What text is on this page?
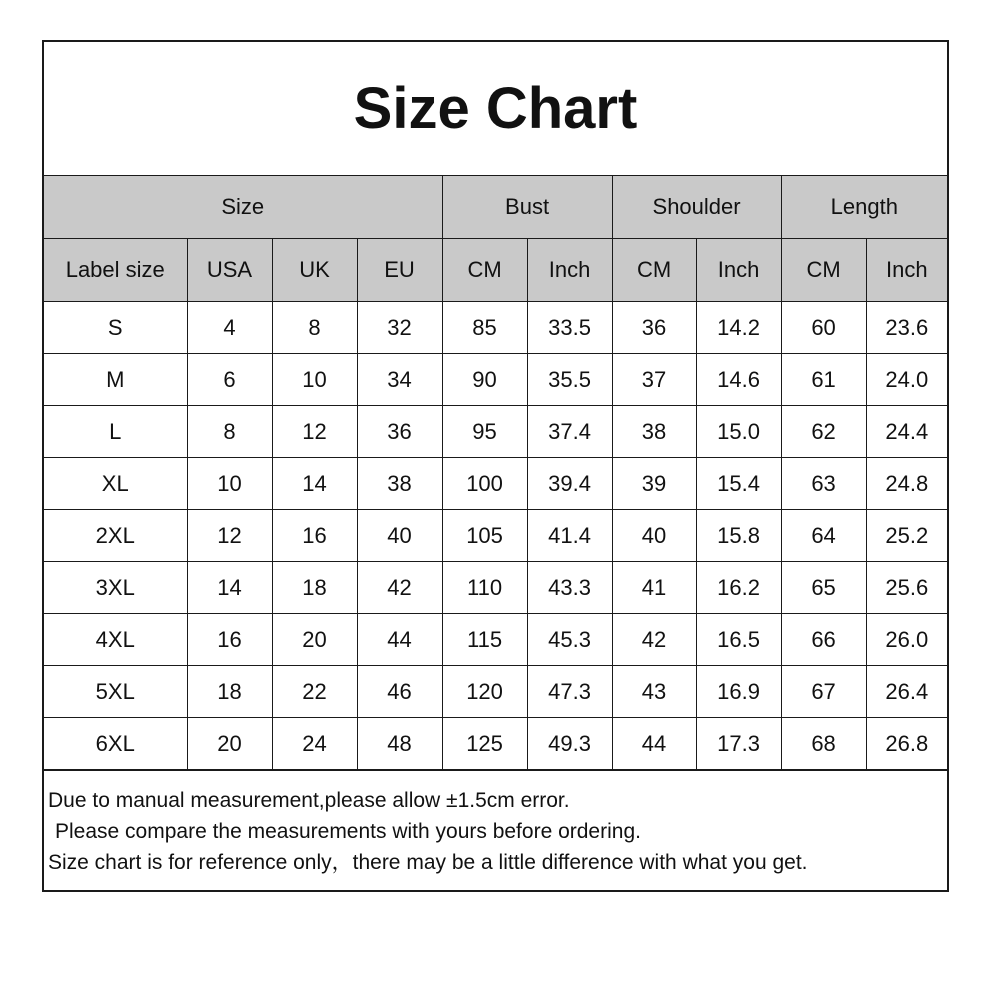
Size Chart
Size				Bust		Shoulder		Length	
Label size	USA	UK	EU	CM	Inch	CM	Inch	CM	Inch
S	4	8	32	85	33.5	36	14.2	60	23.6
M	6	10	34	90	35.5	37	14.6	61	24.0
L	8	12	36	95	37.4	38	15.0	62	24.4
XL	10	14	38	100	39.4	39	15.4	63	24.8
2XL	12	16	40	105	41.4	40	15.8	64	25.2
3XL	14	18	42	110	43.3	41	16.2	65	25.6
4XL	16	20	44	115	45.3	42	16.5	66	26.0
5XL	18	22	46	120	47.3	43	16.9	67	26.4
6XL	20	24	48	125	49.3	44	17.3	68	26.8
Due to manual measurement,please allow ±1.5cm error.
Please compare the measurements with yours before ordering.
Size chart is for reference only，there may be a little difference with what you get.
